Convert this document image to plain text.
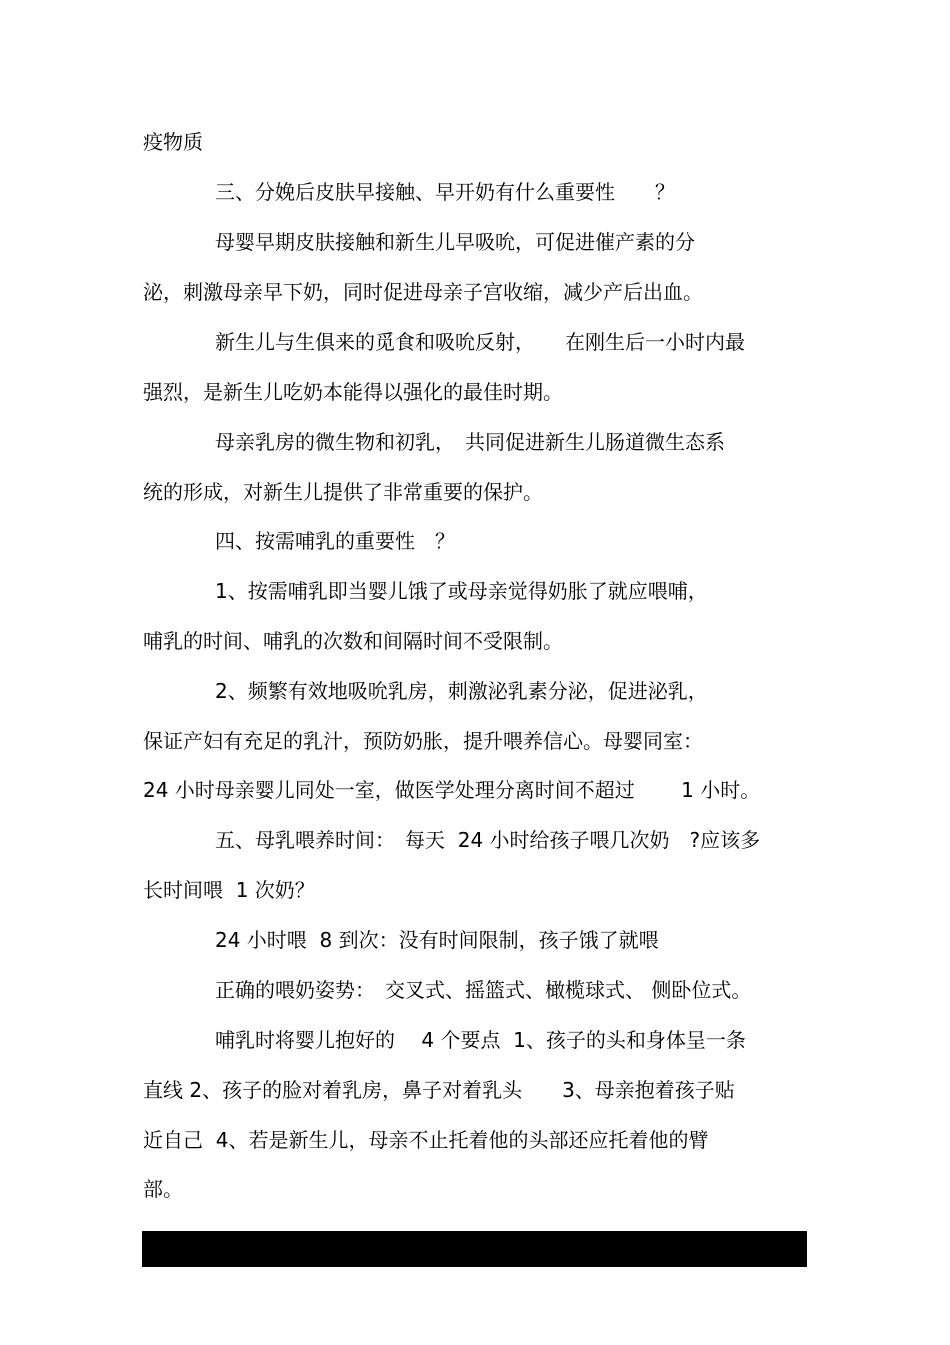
疫物质

三、分娩后皮肤早接触、早开奶有什么重要性　　？

母婴早期皮肤接触和新生儿早吸吮，可促进催产素的分

泌，刺激母亲早下奶，同时促进母亲子宫收缩，减少产后出血。

新生儿与生俱来的觅食和吸吮反射，　　在刚生后一小时内最

强烈，是新生儿吃奶本能得以强化的最佳时期。

母亲乳房的微生物和初乳，　共同促进新生儿肠道微生态系

统的形成，对新生儿提供了非常重要的保护。

四、按需哺乳的重要性　？

1、按需哺乳即当婴儿饿了或母亲觉得奶胀了就应喂哺，

哺乳的时间、哺乳的次数和间隔时间不受限制。

2、频繁有效地吸吮乳房，刺激泌乳素分泌，促进泌乳，

保证产妇有充足的乳汁，预防奶胀，提升喂养信心。母婴同室：

24 小时母亲婴儿同处一室，做医学处理分离时间不超过　　 1 小时。

五、母乳喂养时间：　每天  24 小时给孩子喂几次奶　?应该多

长时间喂  1 次奶？

24 小时喂  8 到次：没有时间限制，孩子饿了就喂

正确的喂奶姿势：　交叉式、摇篮式、橄榄球式、 侧卧位式。

哺乳时将婴儿抱好的　 4 个要点  1、孩子的头和身体呈一条

直线 2、孩子的脸对着乳房，鼻子对着乳头　　3、母亲抱着孩子贴

近自己  4、若是新生儿，母亲不止托着他的头部还应托着他的臂

部。
